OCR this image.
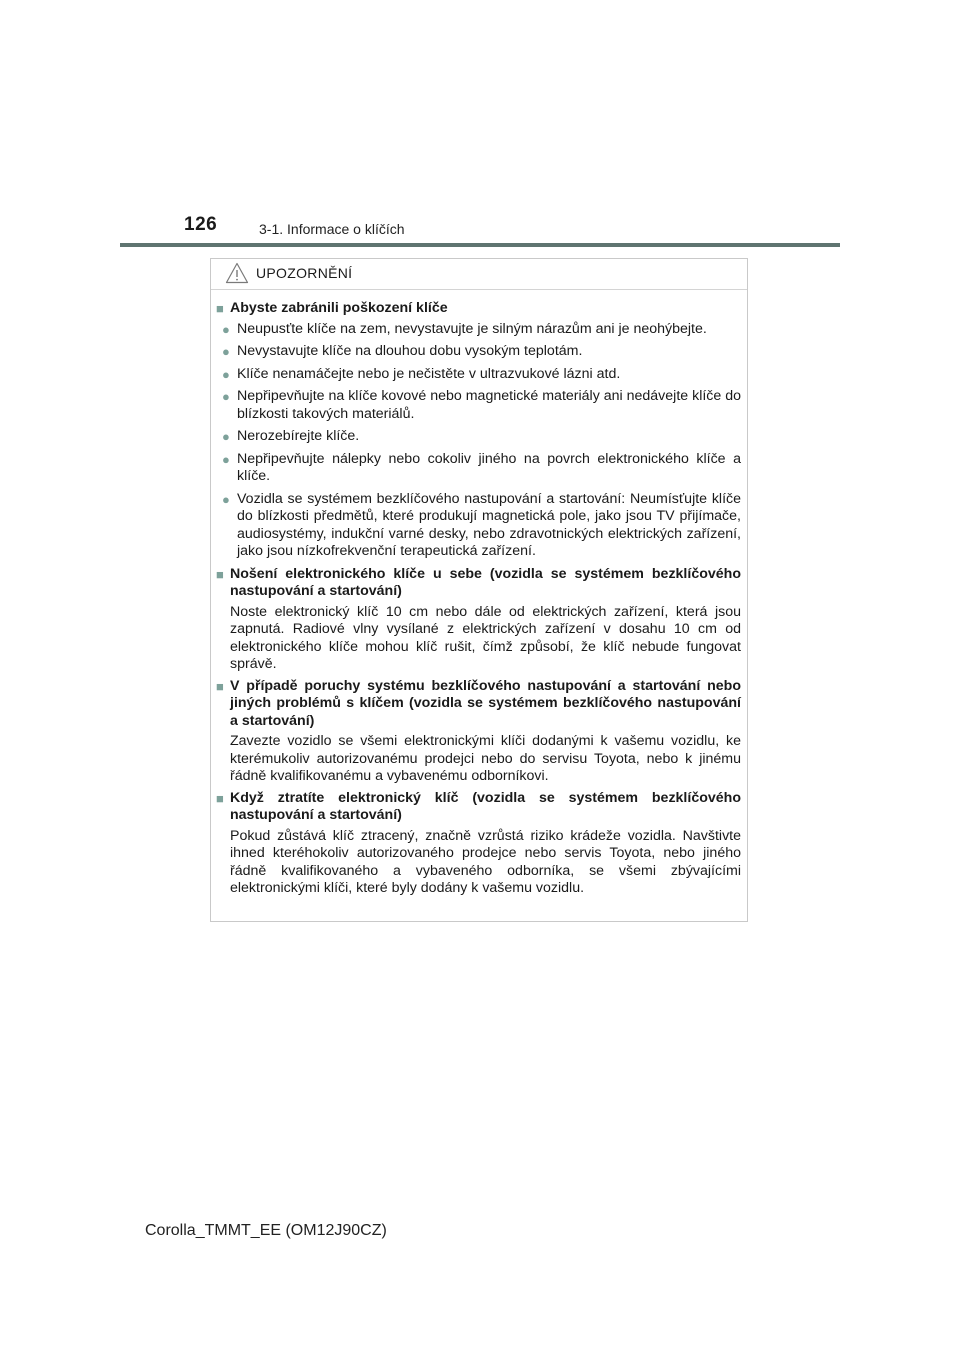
126	3-1. Informace o klíčích
UPOZORNĚNÍ
■ Abyste zabránili poškození klíče
● Neupusťte klíče na zem, nevystavujte je silným nárazům ani je neohýbejte.
● Nevystavujte klíče na dlouhou dobu vysokým teplotám.
● Klíče nenamáčejte nebo je nečistěte v ultrazvukové lázni atd.
● Nepřipevňujte na klíče kovové nebo magnetické materiály ani nedávejte klíče do blízkosti takových materiálů.
● Nerozebírejte klíče.
● Nepřipevňujte nálepky nebo cokoliv jiného na povrch elektronického klíče a klíče.
● Vozidla se systémem bezklíčového nastupování a startování: Neumísťujte klíče do blízkosti předmětů, které produkují magnetická pole, jako jsou TV přijímače, audiosystémy, indukční varné desky, nebo zdravotnických elektrických zařízení, jako jsou nízkofrekvenční terapeutická zařízení.
■ Nošení elektronického klíče u sebe (vozidla se systémem bezklíčového nastupování a startování)
Noste elektronický klíč 10 cm nebo dále od elektrických zařízení, která jsou zapnutá. Radiové vlny vysílané z elektrických zařízení v dosahu 10 cm od elektronického klíče mohou klíč rušit, čímž způsobí, že klíč nebude fungovat správě.
■ V případě poruchy systému bezklíčového nastupování a startování nebo jiných problémů s klíčem (vozidla se systémem bezklíčového nastupování a startování)
Zavezte vozidlo se všemi elektronickými klíči dodanými k vašemu vozidlu, ke kterémukoliv autorizovanému prodejci nebo do servisu Toyota, nebo k jinému řádně kvalifikovanému a vybavenému odborníkovi.
■ Když ztratíte elektronický klíč (vozidla se systémem bezklíčového nastupování a startování)
Pokud zůstává klíč ztracený, značně vzrůstá riziko krádeže vozidla. Navštivte ihned kteréhokoliv autorizovaného prodejce nebo servis Toyota, nebo jiného řádně kvalifikovaného a vybaveného odborníka, se všemi zbývajícími elektronickými klíči, které byly dodány k vašemu vozidlu.
Corolla_TMMT_EE (OM12J90CZ)
